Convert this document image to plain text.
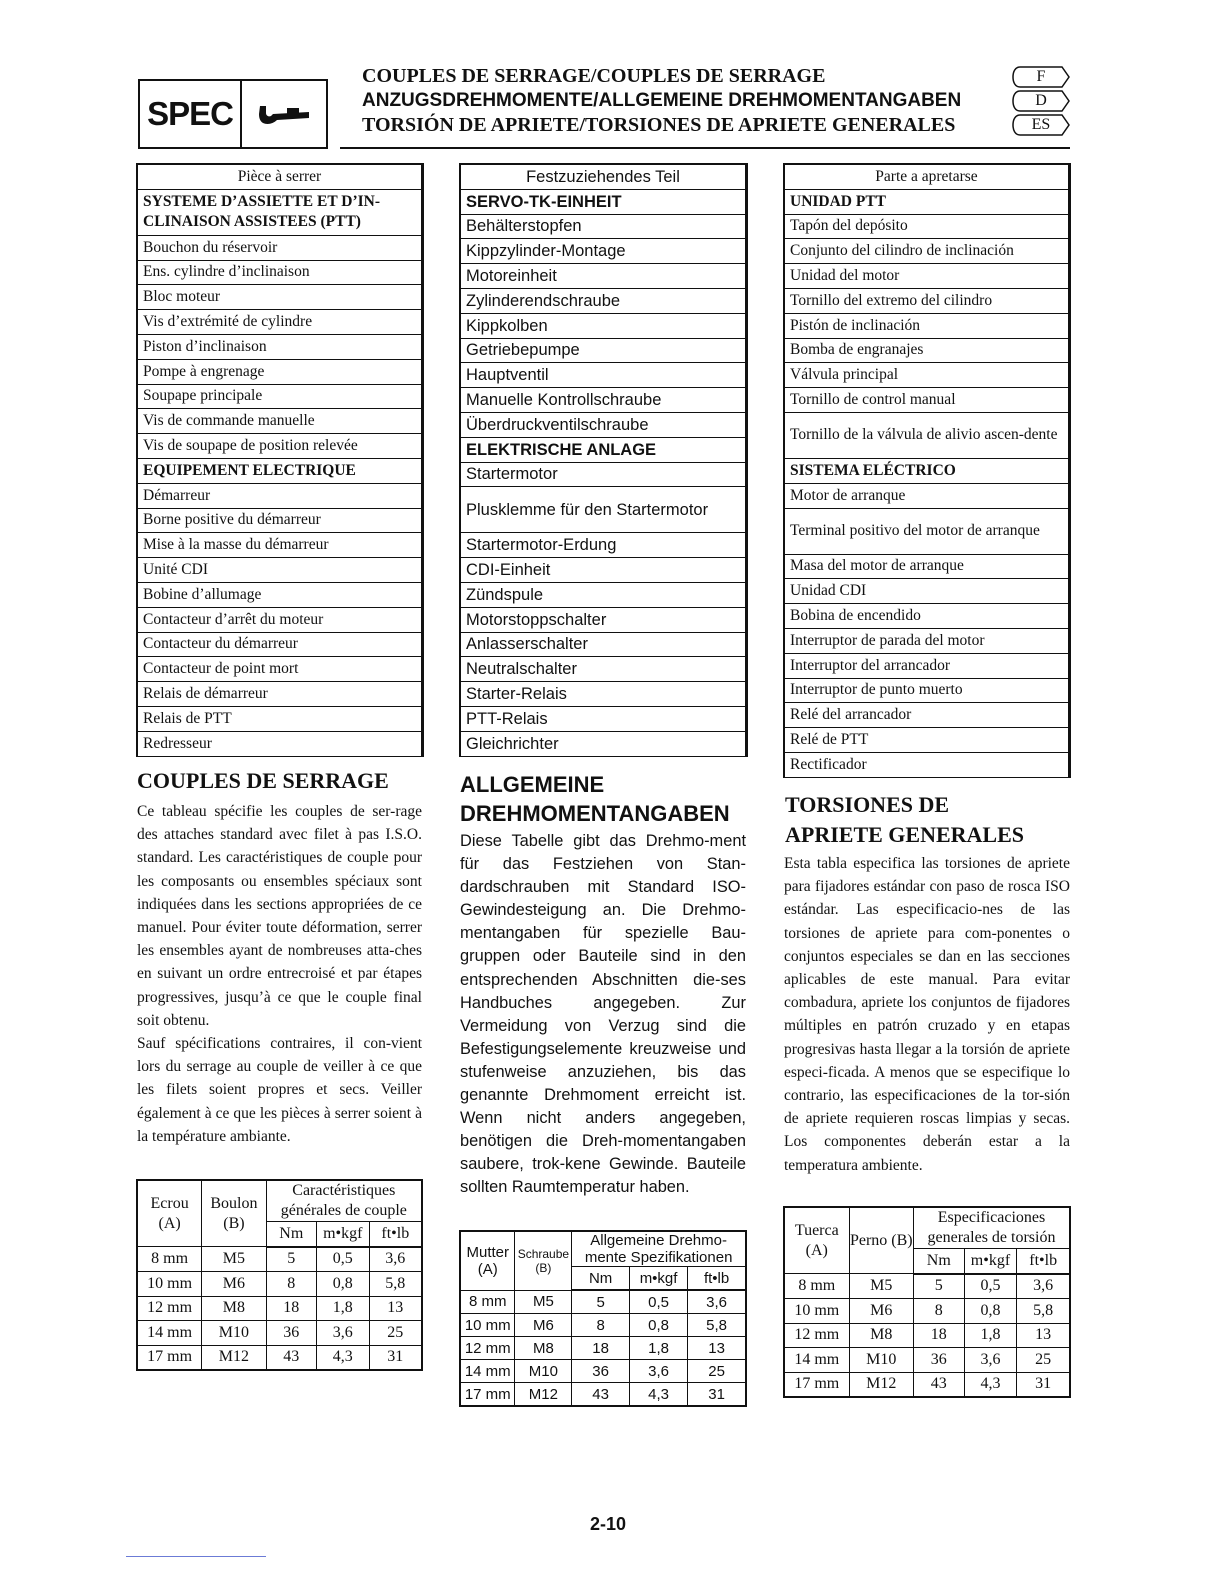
SPEC
COUPLES DE SERRAGE/COUPLES DE SERRAGE
ANZUGSDREHMOMENTE/ALLGEMEINE DREHMOMENTANGABEN
TORSIÓN DE APRIETE/TORSIONES DE APRIETE GENERALES
F
D
ES
Pièce à serrer
SYSTEME D’ASSIETTE ET D’IN-CLINAISON ASSISTEES (PTT)
Bouchon du réservoir
Ens. cylindre d’inclinaison
Bloc moteur
Vis d’extrémité de cylindre
Piston d’inclinaison
Pompe à engrenage
Soupape principale
Vis de commande manuelle
Vis de soupape de position relevée
EQUIPEMENT ELECTRIQUE
Démarreur
Borne positive du démarreur
Mise à la masse du démarreur
Unité CDI
Bobine d’allumage
Contacteur d’arrêt du moteur
Contacteur du démarreur
Contacteur de point mort
Relais de démarreur
Relais de PTT
Redresseur
Festzuziehendes Teil
SERVO-TK-EINHEIT
Behälterstopfen
Kippzylinder-Montage
Motoreinheit
Zylinderendschraube
Kippkolben
Getriebepumpe
Hauptventil
Manuelle Kontrollschraube
Überdruckventilschraube
ELEKTRISCHE ANLAGE
Startermotor
Plusklemme für den Startermotor
Startermotor-Erdung
CDI-Einheit
Zündspule
Motorstoppschalter
Anlasserschalter
Neutralschalter
Starter-Relais
PTT-Relais
Gleichrichter
Parte a apretarse
UNIDAD PTT
Tapón del depósito
Conjunto del cilindro de inclinación
Unidad del motor
Tornillo del extremo del cilindro
Pistón de inclinación
Bomba de engranajes
Válvula principal
Tornillo de control manual
Tornillo de la válvula de alivio ascen-dente
SISTEMA ELÉCTRICO
Motor de arranque
Terminal positivo del motor de arranque
Masa del motor de arranque
Unidad CDI
Bobina de encendido
Interruptor de parada del motor
Interruptor del arrancador
Interruptor de punto muerto
Relé del arrancador
Relé de PTT
Rectificador
COUPLES DE SERRAGE
Ce tableau spécifie les couples de ser-rage des attaches standard avec filet à pas I.S.O. standard. Les caractéristiques de couple pour les composants ou ensembles spéciaux sont indiquées dans les sections appropriées de ce manuel. Pour éviter toute déformation, serrer les ensembles ayant de nombreuses atta-ches en suivant un ordre entrecroisé et par étapes progressives, jusqu’à ce que le couple final soit obtenu.
Sauf spécifications contraires, il con-vient lors du serrage au couple de veiller à ce que les filets soient propres et secs. Veiller également à ce que les pièces à serrer soient à la température ambiante.
ALLGEMEINE
DREHMOMENTANGABEN
Diese Tabelle gibt das Drehmo-ment für das Festziehen von Stan-dardschrauben mit Standard ISO-Gewindesteigung an. Die Drehmo-mentangaben für spezielle Bau-gruppen oder Bauteile sind in den entsprechenden Abschnitten die-ses Handbuches angegeben. Zur Vermeidung von Verzug sind die Befestigungselemente kreuzweise und stufenweise anzuziehen, bis das genannte Drehmoment erreicht ist. Wenn nicht anders angegeben, benötigen die Dreh-momentangaben saubere, trok-kene Gewinde. Bauteile sollten Raumtemperatur haben.
TORSIONES DE
APRIETE GENERALES
Esta tabla especifica las torsiones de apriete para fijadores estándar con paso de rosca ISO estándar. Las especificacio-nes de las torsiones de apriete para com-ponentes o conjuntos especiales se dan en las secciones aplicables de este manual. Para evitar combadura, apriete los conjuntos de fijadores múltiples en patrón cruzado y en etapas progresivas hasta llegar a la torsión de apriete especi-ficada. A menos que se especifique lo contrario, las especificaciones de la tor-sión de apriete requieren roscas limpias y secas. Los componentes deberán estar a la temperatura ambiente.
Ecrou (A)	Boulon (B)	Caractéristiques générales de couple		
		Nm	m•kgf	ft•lb
8 mm	M5	5	0,5	3,6
10 mm	M6	8	0,8	5,8
12 mm	M8	18	1,8	13
14 mm	M10	36	3,6	25
17 mm	M12	43	4,3	31
Mutter (A)	Schraube (B)	Allgemeine Drehmo-mente Spezifikationen		
		Nm	m•kgf	ft•lb
8 mm	M5	5	0,5	3,6
10 mm	M6	8	0,8	5,8
12 mm	M8	18	1,8	13
14 mm	M10	36	3,6	25
17 mm	M12	43	4,3	31
Tuerca (A)	Perno (B)	Especificaciones generales de torsión		
		Nm	m•kgf	ft•lb
8 mm	M5	5	0,5	3,6
10 mm	M6	8	0,8	5,8
12 mm	M8	18	1,8	13
14 mm	M10	36	3,6	25
17 mm	M12	43	4,3	31
2-10
